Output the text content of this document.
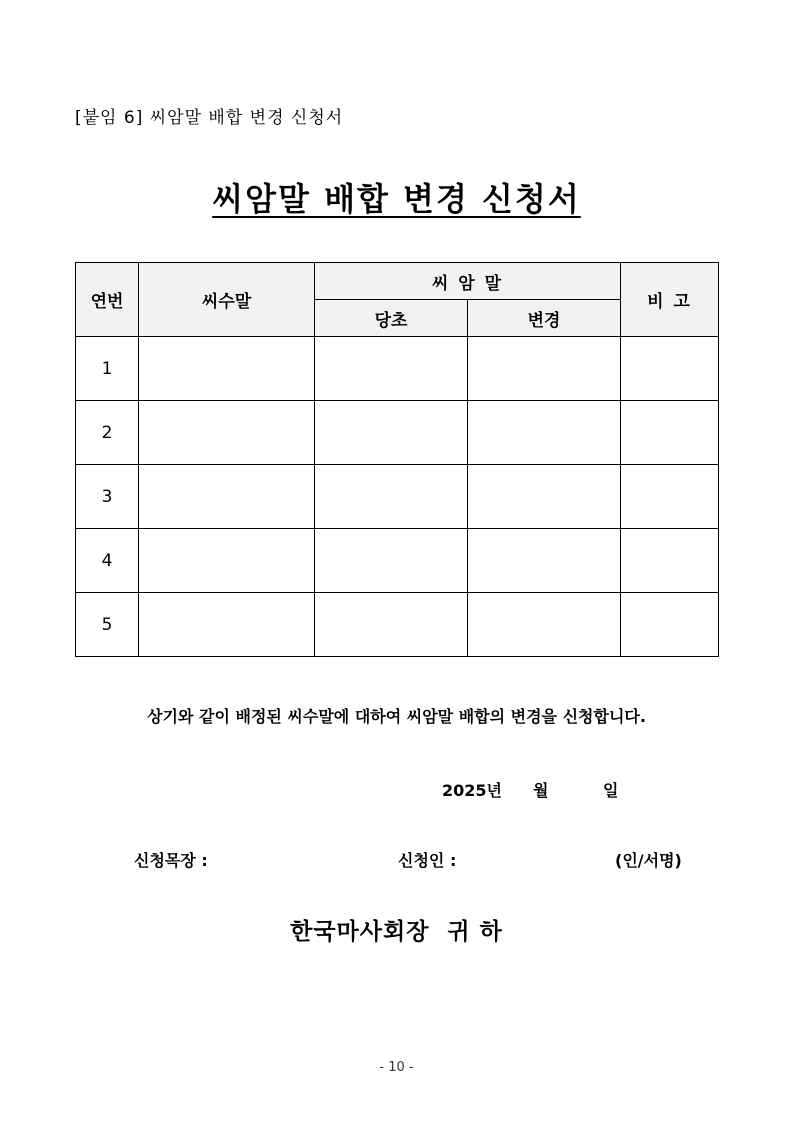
[붙임 6] 씨암말 배합 변경 신청서
씨암말 배합 변경 신청서
연번	씨수말	씨 암 말		비 고
		당초	변경	
1				
2				
3				
4				
5				
상기와 같이 배정된 씨수말에 대하여 씨암말 배합의 변경을 신청합니다.
2025년 월	일
신청목장 :	신청인 :	(인/서명)
한국마사회장  귀 하
- 10 -
